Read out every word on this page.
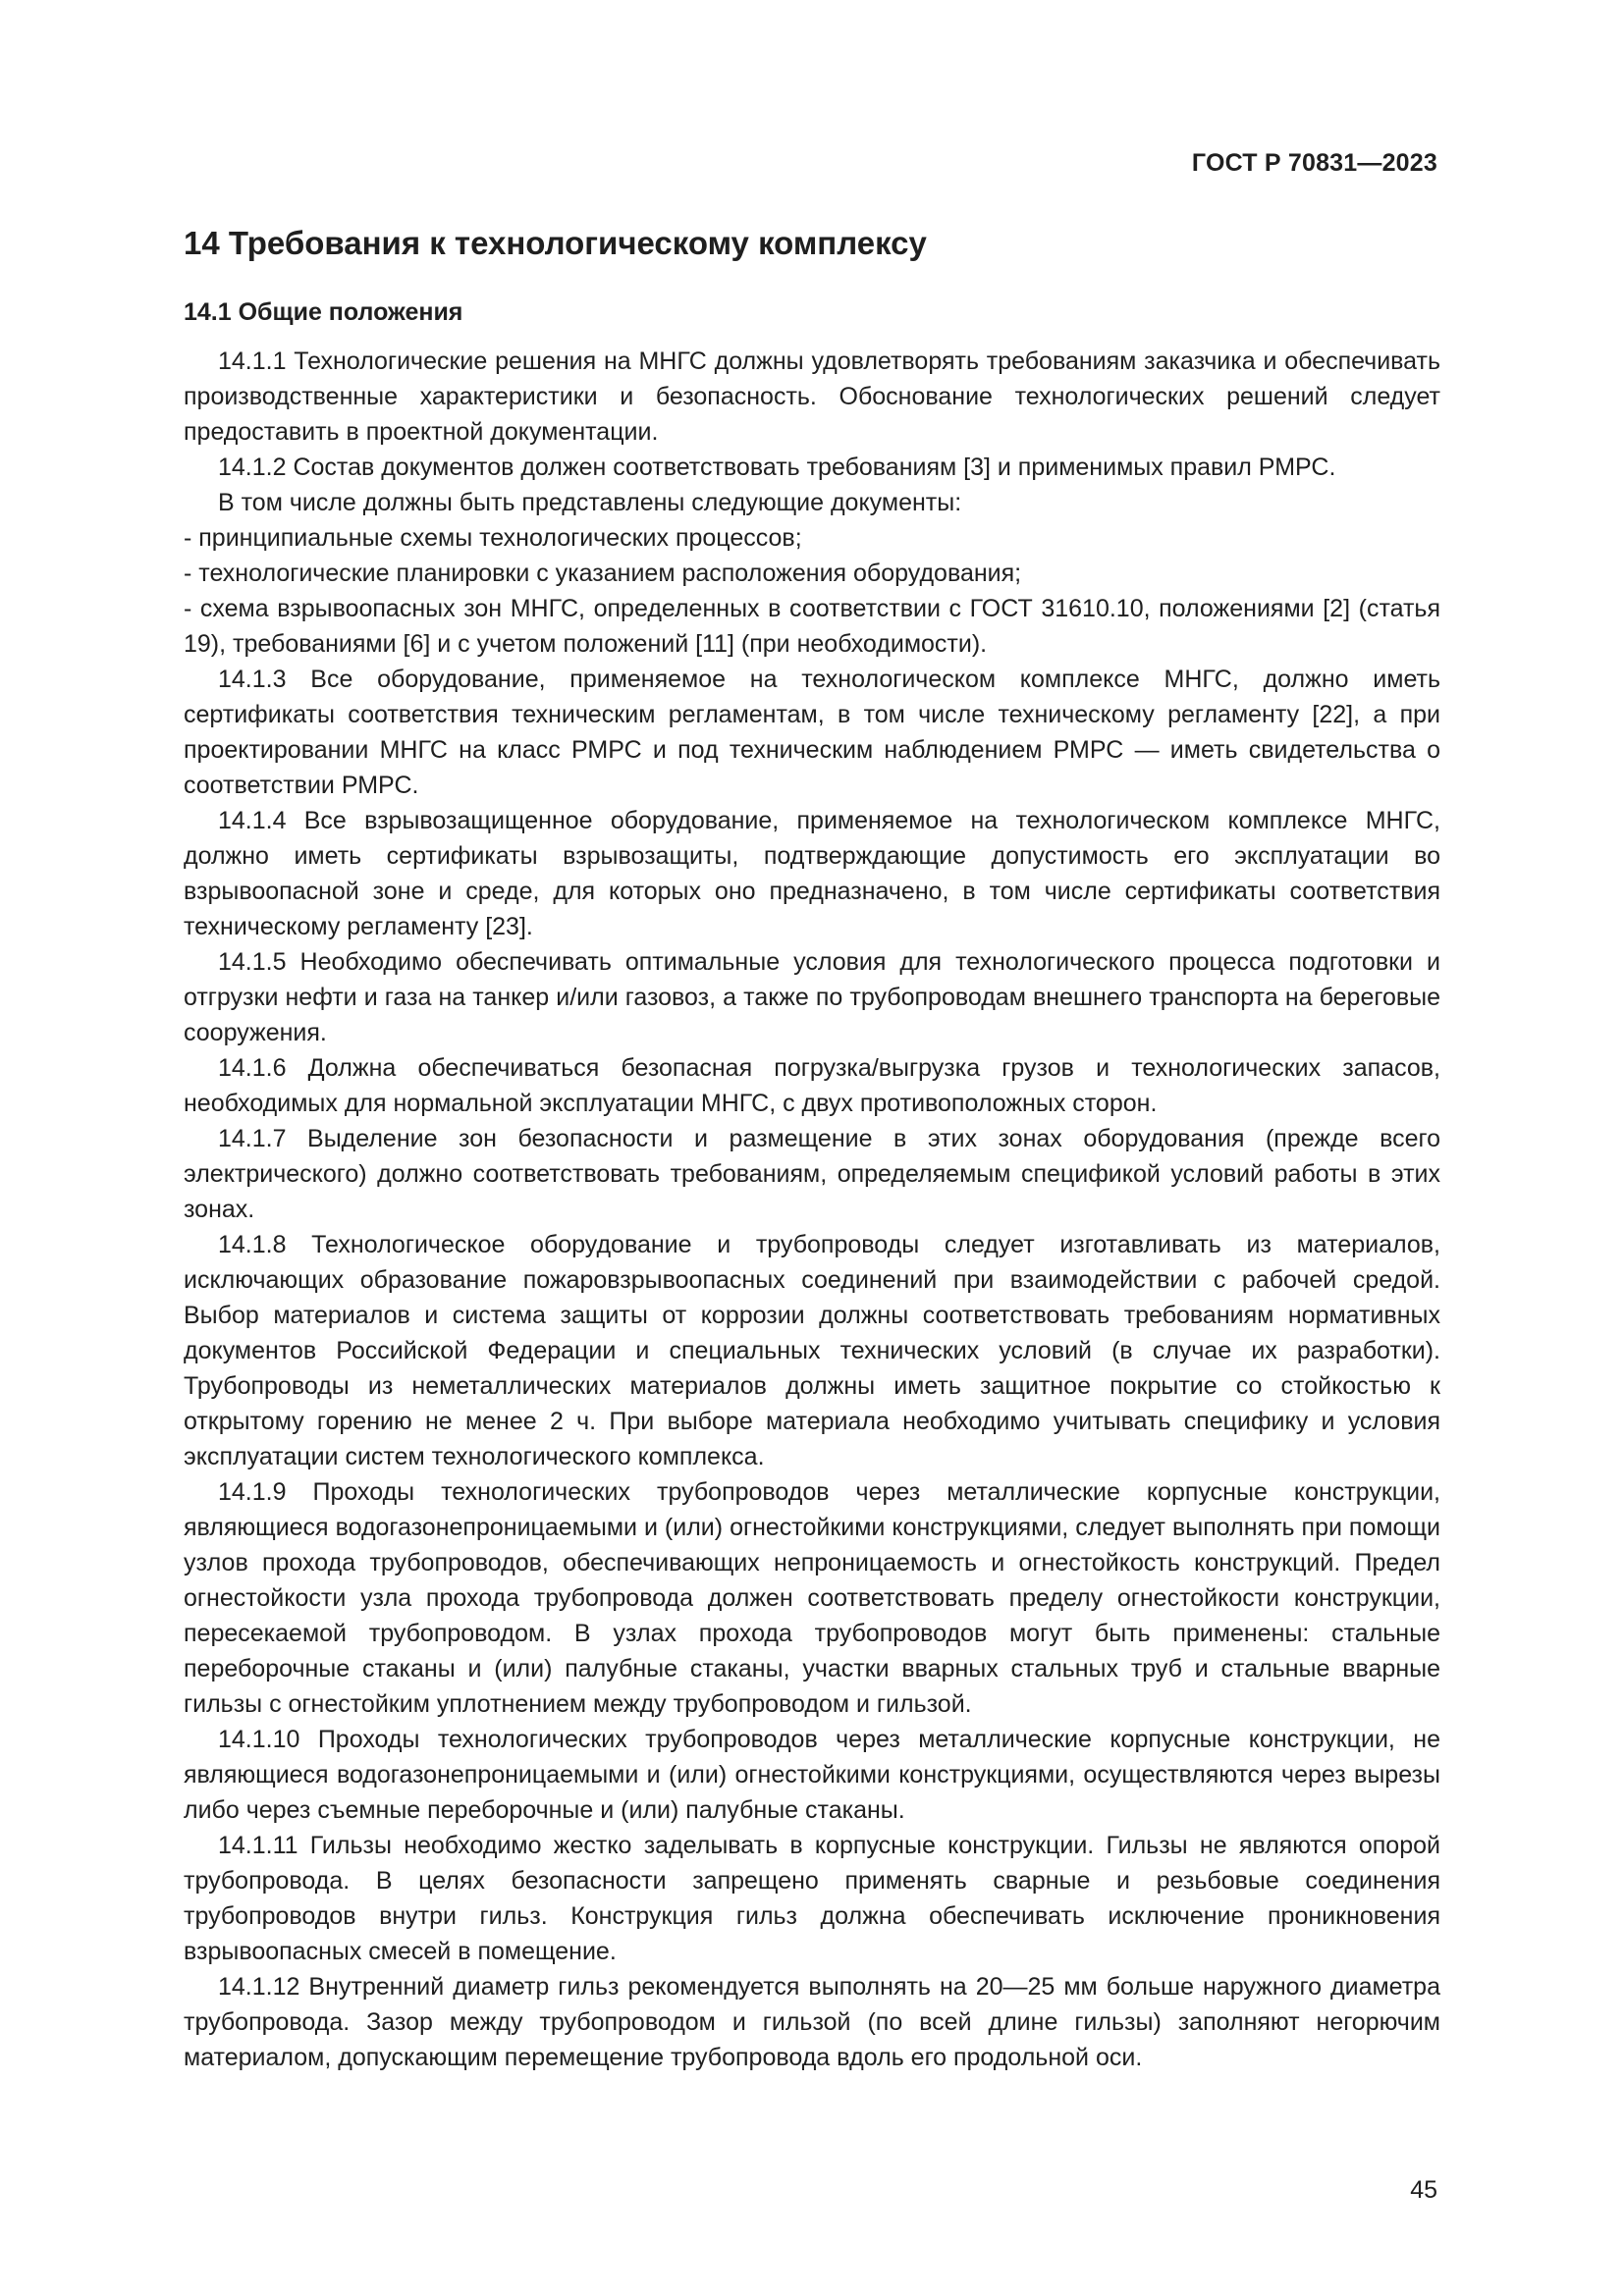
ГОСТ Р 70831—2023
14 Требования к технологическому комплексу
14.1 Общие положения

14.1.1 Технологические решения на МНГС должны удовлетворять требованиям заказчика и обеспечивать производственные характеристики и безопасность. Обоснование технологических решений следует предоставить в проектной документации.

14.1.2 Состав документов должен соответствовать требованиям [3] и применимых правил РМРС.

В том числе должны быть представлены следующие документы:

- принципиальные схемы технологических процессов;
- технологические планировки с указанием расположения оборудования;
- схема взрывоопасных зон МНГС, определенных в соответствии с ГОСТ 31610.10, положениями [2] (статья 19), требованиями [6] и с учетом положений [11] (при необходимости).

14.1.3 Все оборудование, применяемое на технологическом комплексе МНГС, должно иметь сертификаты соответствия техническим регламентам, в том числе техническому регламенту [22], а при проектировании МНГС на класс РМРС и под техническим наблюдением РМРС — иметь свидетельства о соответствии РМРС.

14.1.4 Все взрывозащищенное оборудование, применяемое на технологическом комплексе МНГС, должно иметь сертификаты взрывозащиты, подтверждающие допустимость его эксплуатации во взрывоопасной зоне и среде, для которых оно предназначено, в том числе сертификаты соответствия техническому регламенту [23].

14.1.5 Необходимо обеспечивать оптимальные условия для технологического процесса подготовки и отгрузки нефти и газа на танкер и/или газовоз, а также по трубопроводам внешнего транспорта на береговые сооружения.

14.1.6 Должна обеспечиваться безопасная погрузка/выгрузка грузов и технологических запасов, необходимых для нормальной эксплуатации МНГС, с двух противоположных сторон.

14.1.7 Выделение зон безопасности и размещение в этих зонах оборудования (прежде всего электрического) должно соответствовать требованиям, определяемым спецификой условий работы в этих зонах.

14.1.8 Технологическое оборудование и трубопроводы следует изготавливать из материалов, исключающих образование пожаровзрывоопасных соединений при взаимодействии с рабочей средой. Выбор материалов и система защиты от коррозии должны соответствовать требованиям нормативных документов Российской Федерации и специальных технических условий (в случае их разработки). Трубопроводы из неметаллических материалов должны иметь защитное покрытие со стойкостью к открытому горению не менее 2 ч. При выборе материала необходимо учитывать специфику и условия эксплуатации систем технологического комплекса.

14.1.9 Проходы технологических трубопроводов через металлические корпусные конструкции, являющиеся водогазонепроницаемыми и (или) огнестойкими конструкциями, следует выполнять при помощи узлов прохода трубопроводов, обеспечивающих непроницаемость и огнестойкость конструкций. Предел огнестойкости узла прохода трубопровода должен соответствовать пределу огнестойкости конструкции, пересекаемой трубопроводом. В узлах прохода трубопроводов могут быть применены: стальные переборочные стаканы и (или) палубные стаканы, участки вварных стальных труб и стальные вварные гильзы с огнестойким уплотнением между трубопроводом и гильзой.

14.1.10 Проходы технологических трубопроводов через металлические корпусные конструкции, не являющиеся водогазонепроницаемыми и (или) огнестойкими конструкциями, осуществляются через вырезы либо через съемные переборочные и (или) палубные стаканы.

14.1.11 Гильзы необходимо жестко заделывать в корпусные конструкции. Гильзы не являются опорой трубопровода. В целях безопасности запрещено применять сварные и резьбовые соединения трубопроводов внутри гильз. Конструкция гильз должна обеспечивать исключение проникновения взрывоопасных смесей в помещение.

14.1.12 Внутренний диаметр гильз рекомендуется выполнять на 20—25 мм больше наружного диаметра трубопровода. Зазор между трубопроводом и гильзой (по всей длине гильзы) заполняют негорючим материалом, допускающим перемещение трубопровода вдоль его продольной оси.

45
